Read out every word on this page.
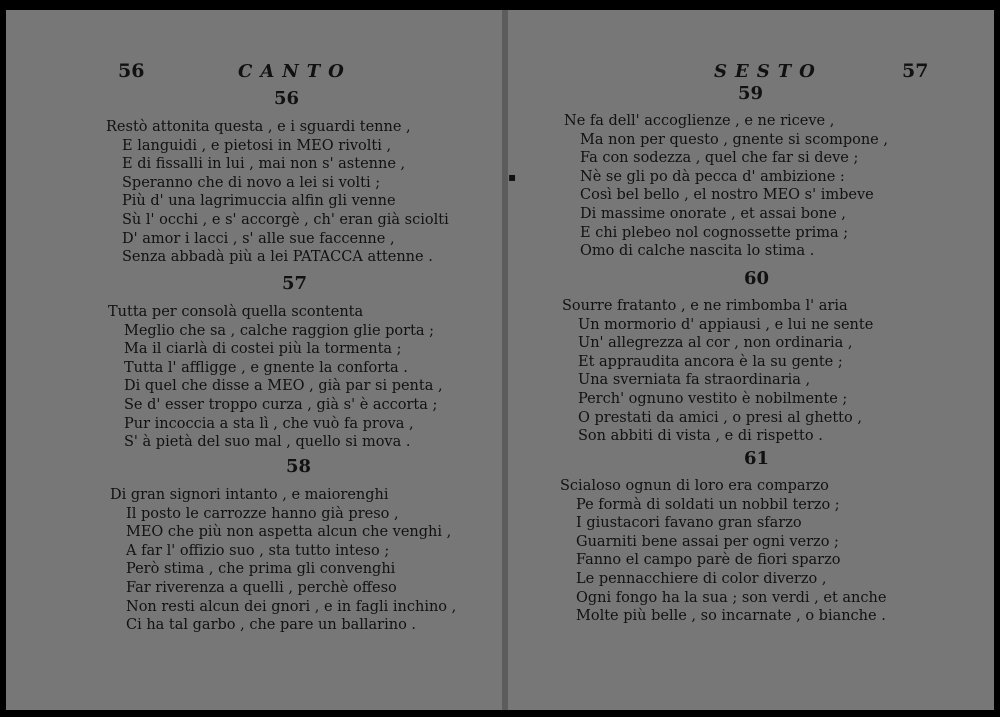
56	CANTO
56
Restò attonita questa , e i sguardi tenne ,
E languidi , e pietosi in MEO rivolti ,
E di fissalli in lui , mai non s' astenne ,
Speranno che di novo a lei si volti ;
Più d' una lagrimuccia alfin gli venne
Sù l' occhi , e s' accorgè , ch' eran già sciolti
D' amor i lacci , s' alle sue faccenne ,
Senza abbadà più a lei PATACCA attenne .
57
Tutta per consolà quella scontenta
Meglio che sa , calche raggion glie porta ;
Ma il ciarlà di costei più la tormenta ;
Tutta l' affligge , e gnente la conforta .
Di quel che disse a MEO , già par si penta ,
Se d' esser troppo curza , già s' è accorta ;
Pur incoccia a sta lì , che vuò fa prova ,
S' à pietà del suo mal , quello si mova .
58
Di gran signori intanto , e maiorenghi
Il posto le carrozze hanno già preso ,
MEO che più non aspetta alcun che venghi ,
A far l' offizio suo , sta tutto inteso ;
Però stima , che prima gli convenghi
Far riverenza a quelli , perchè offeso
Non resti alcun dei gnori , e in fagli inchino ,
Ci ha tal garbo , che pare un ballarino .
▪
SESTO	57
59
Ne fa dell' accoglienze , e ne riceve ,
Ma non per questo , gnente si scompone ,
Fa con sodezza , quel che far si deve ;
Nè se gli po dà pecca d' ambizione :
Così bel bello , el nostro MEO s' imbeve
Di massime onorate , et assai bone ,
E chi plebeo nol cognossette prima ;
Omo di calche nascita lo stima .
60
Sourre fratanto , e ne rimbomba l' aria
Un mormorio d' appiausi , e lui ne sente
Un' allegrezza al cor , non ordinaria ,
Et appraudita ancora è la su gente ;
Una sverniata fa straordinaria ,
Perch' ognuno vestito è nobilmente ;
O prestati da amici , o presi al ghetto ,
Son abbiti di vista , e di rispetto .
61
Scialoso ognun di loro era comparzo
Pe formà di soldati un nobbil terzo ;
I giustacori favano gran sfarzo
Guarniti bene assai per ogni verzo ;
Fanno el campo parè de fiori sparzo
Le pennacchiere di color diverzo ,
Ogni fongo ha la sua ; son verdi , et anche
Molte più belle , so incarnate , o bianche .
